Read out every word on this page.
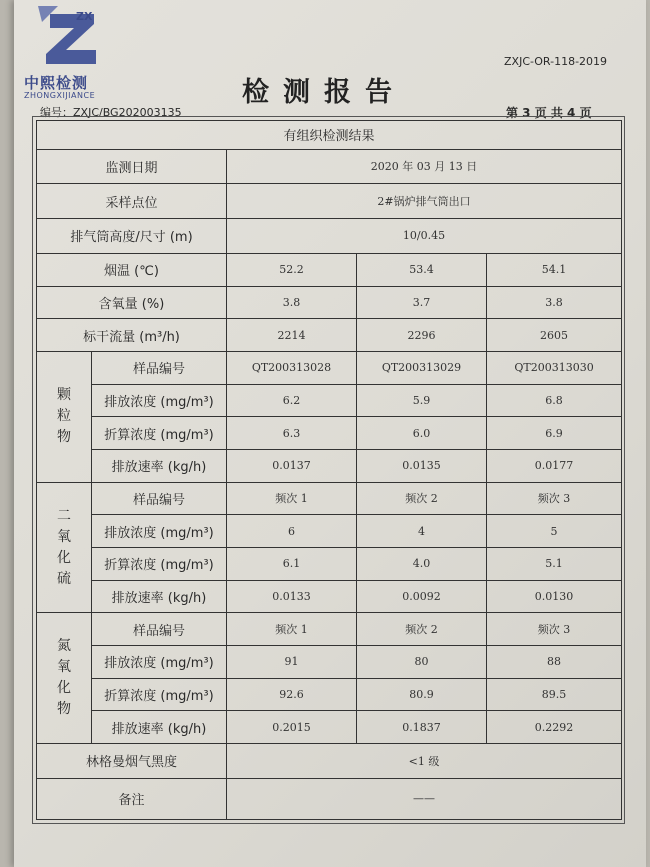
ZX
中熙检测
ZHONGXIJIANCE
ZXJC-OR-118-2019
检测报告
编号：ZXJC/BG202003135	第 3 页 共 4 页
有组织检测结果				
监测日期		2020 年 03 月 13 日		
采样点位		2#锅炉排气筒出口		
排气筒高度/尺寸 (m)		10/0.45		
烟温 (℃)		52.2	53.4	54.1
含氧量 (%)		3.8	3.7	3.8
标干流量 (m³/h)		2214	2296	2605
颗
粒
物	样品编号	QT200313028	QT200313029	QT200313030
	排放浓度 (mg/m³)	6.2	5.9	6.8
	折算浓度 (mg/m³)	6.3	6.0	6.9
	排放速率 (kg/h)	0.0137	0.0135	0.0177
二
氧
化
硫	样品编号	频次 1	频次 2	频次 3
	排放浓度 (mg/m³)	6	4	5
	折算浓度 (mg/m³)	6.1	4.0	5.1
	排放速率 (kg/h)	0.0133	0.0092	0.0130
氮
氧
化
物	样品编号	频次 1	频次 2	频次 3
	排放浓度 (mg/m³)	91	80	88
	折算浓度 (mg/m³)	92.6	80.9	89.5
	排放速率 (kg/h)	0.2015	0.1837	0.2292
林格曼烟气黑度		<1 级		
备注		——		
